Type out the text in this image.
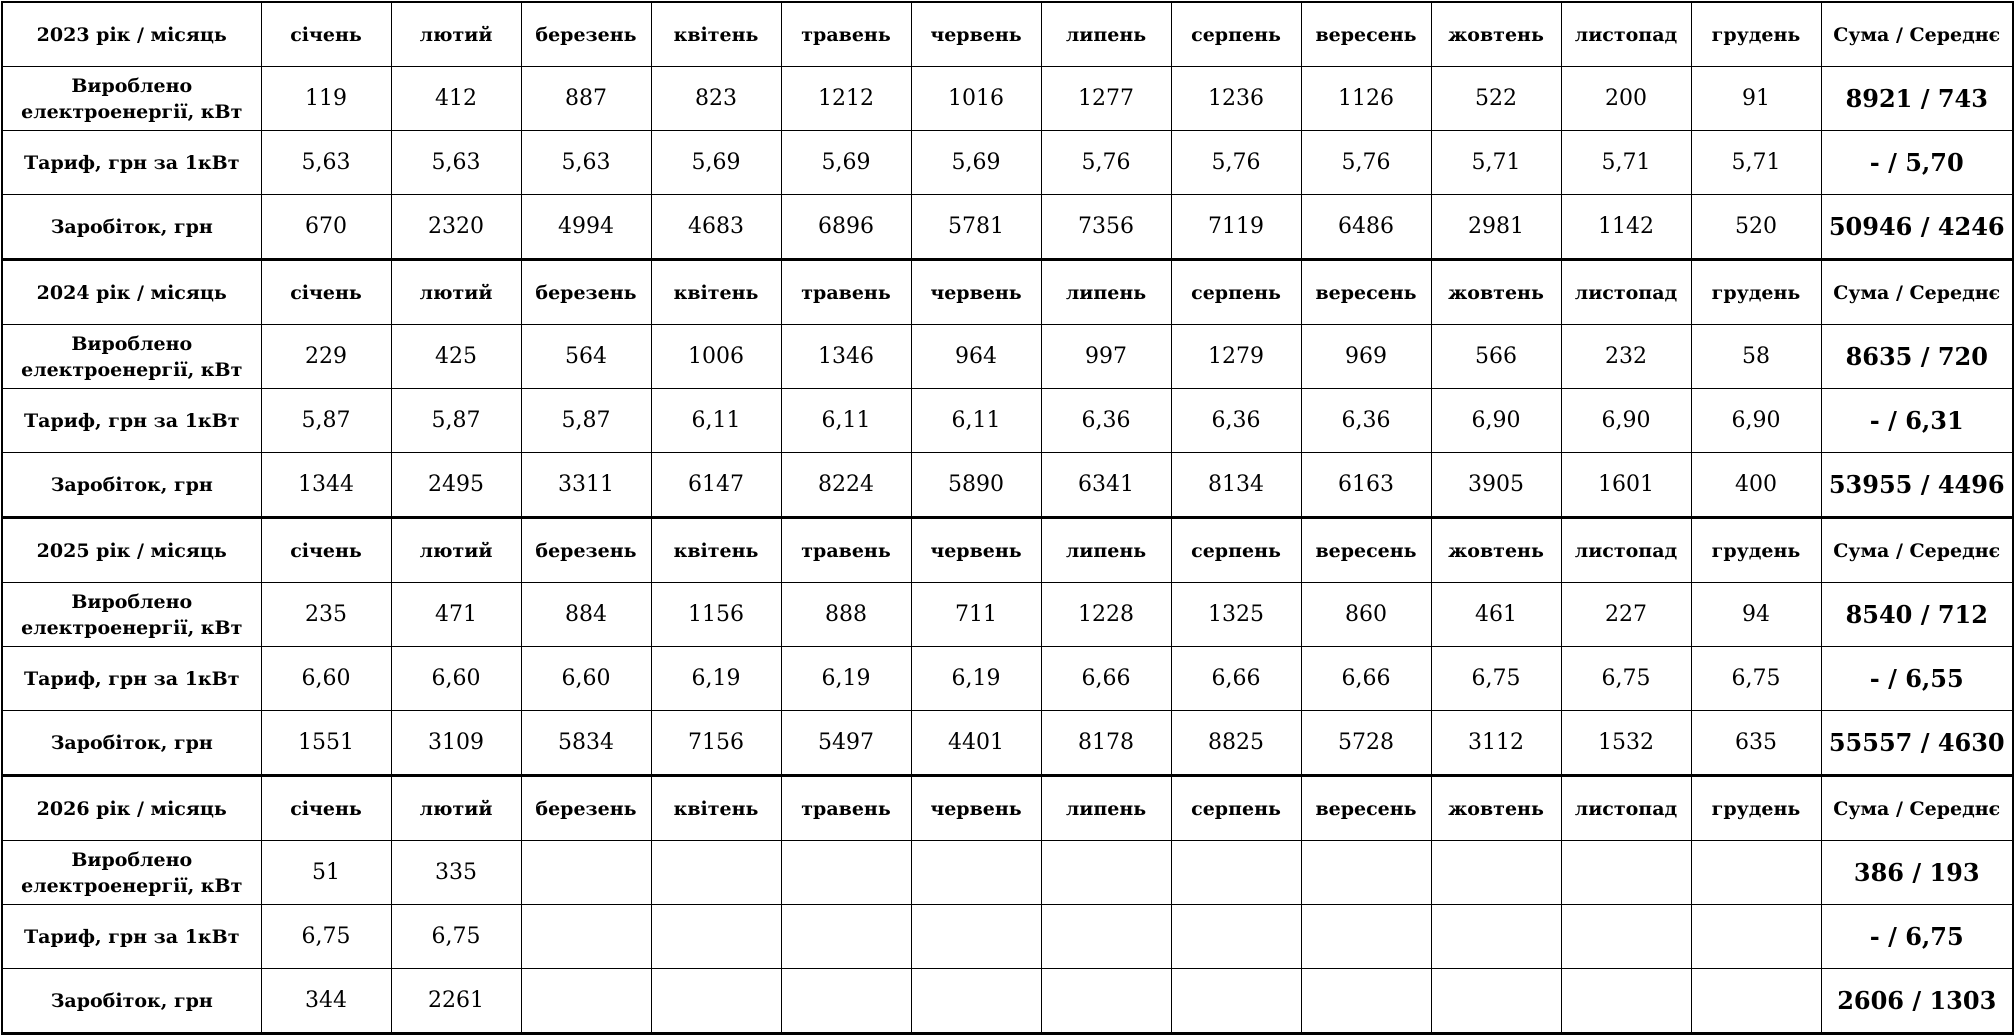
2023 рік / місяць	січень	лютий	березень	квітень	травень	червень	липень	серпень	вересень	жовтень	листопад	грудень	Сума / Середнє
Вироблено електроенергії, кВт	119	412	887	823	1212	1016	1277	1236	1126	522	200	91	8921 / 743
Тариф, грн за 1кВт	5,63	5,63	5,63	5,69	5,69	5,69	5,76	5,76	5,76	5,71	5,71	5,71	- / 5,70
Заробіток, грн	670	2320	4994	4683	6896	5781	7356	7119	6486	2981	1142	520	50946 / 4246
2024 рік / місяць	січень	лютий	березень	квітень	травень	червень	липень	серпень	вересень	жовтень	листопад	грудень	Сума / Середнє
Вироблено електроенергії, кВт	229	425	564	1006	1346	964	997	1279	969	566	232	58	8635 / 720
Тариф, грн за 1кВт	5,87	5,87	5,87	6,11	6,11	6,11	6,36	6,36	6,36	6,90	6,90	6,90	- / 6,31
Заробіток, грн	1344	2495	3311	6147	8224	5890	6341	8134	6163	3905	1601	400	53955 / 4496
2025 рік / місяць	січень	лютий	березень	квітень	травень	червень	липень	серпень	вересень	жовтень	листопад	грудень	Сума / Середнє
Вироблено електроенергії, кВт	235	471	884	1156	888	711	1228	1325	860	461	227	94	8540 / 712
Тариф, грн за 1кВт	6,60	6,60	6,60	6,19	6,19	6,19	6,66	6,66	6,66	6,75	6,75	6,75	- / 6,55
Заробіток, грн	1551	3109	5834	7156	5497	4401	8178	8825	5728	3112	1532	635	55557 / 4630
2026 рік / місяць	січень	лютий	березень	квітень	травень	червень	липень	серпень	вересень	жовтень	листопад	грудень	Сума / Середнє
Вироблено електроенергії, кВт	51	335											386 / 193
Тариф, грн за 1кВт	6,75	6,75											- / 6,75
Заробіток, грн	344	2261											2606 / 1303
